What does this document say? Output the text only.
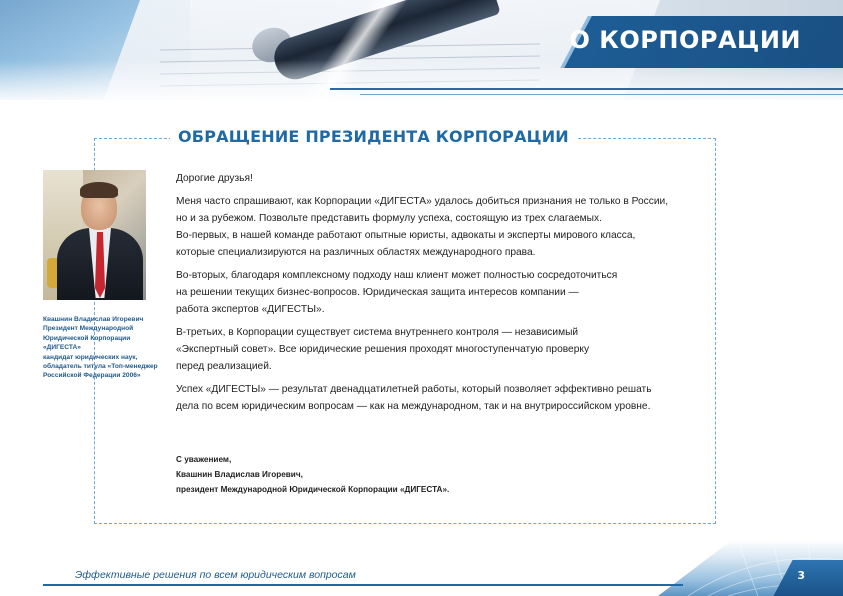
О КОРПОРАЦИИ
ОБРАЩЕНИЕ ПРЕЗИДЕНТА КОРПОРАЦИИ
Квашнин Владислав Игоревич
Президент Международной
Юридической Корпорации
«ДИГЕСТА»
кандидат юридических наук,
обладатель титула «Топ-менеджер
Российской Федерации 2006»
Дорогие друзья!
Меня часто спрашивают, как Корпорации «ДИГЕСТА» удалось добиться признания не только в России,
но и за рубежом. Позвольте представить формулу успеха, состоящую из трех слагаемых.
Во-первых, в нашей команде работают опытные юристы, адвокаты и эксперты мирового класса,
которые специализируются на различных областях международного права.
Во-вторых, благодаря комплексному подходу наш клиент может полностью сосредоточиться
на решении текущих бизнес-вопросов. Юридическая защита интересов компании —
работа экспертов «ДИГЕСТЫ».
В-третьих, в Корпорации существует система внутреннего контроля — независимый
«Экспертный совет». Все юридические решения проходят многоступенчатую проверку
перед реализацией.
Успех «ДИГЕСТЫ» — результат двенадцатилетней работы, который позволяет эффективно решать
дела по всем юридическим вопросам — как на международном, так и на внутрироссийском уровне.
С уважением,
Квашнин Владислав Игоревич,
президент Международной Юридической Корпорации «ДИГЕСТА».
Эффективные решения по всем юридическим вопросам	3
